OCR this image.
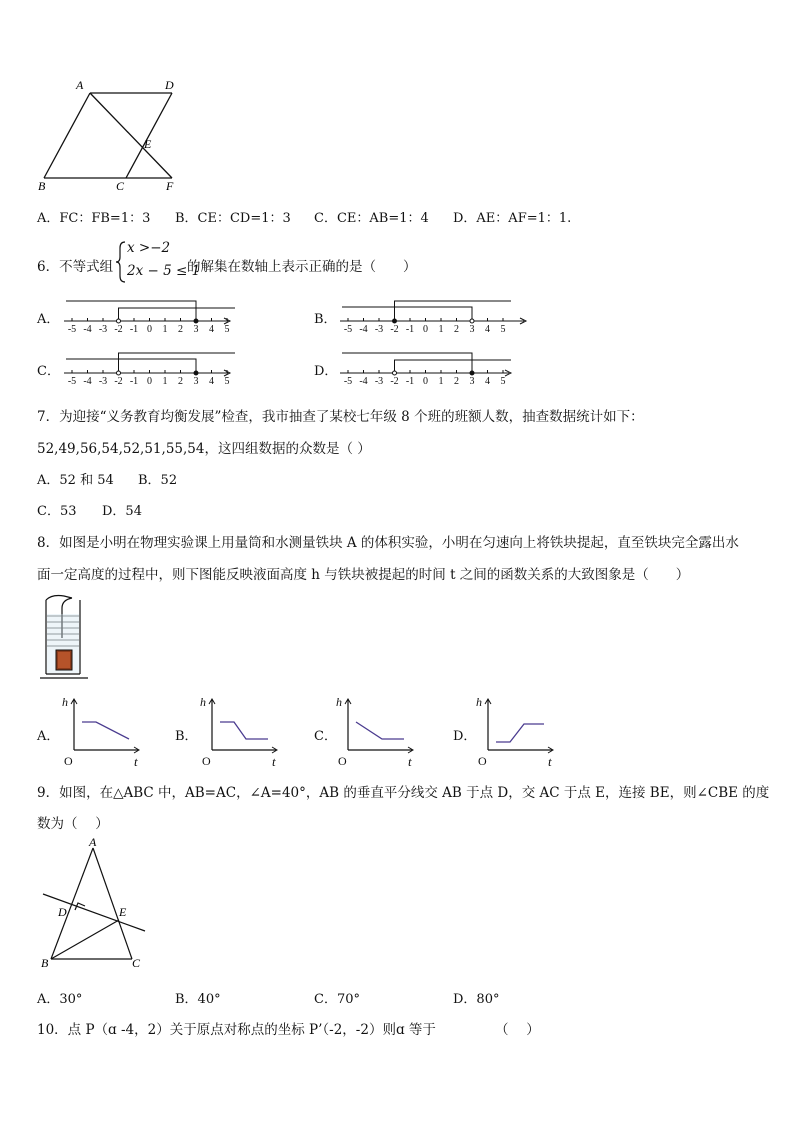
A	D
E
B	C	F
A．FC：FB=1：3 B．CE：CD=1：3 C．CE：AB=1：4 D．AE：AF=1：1.
6．不等式组
x >−2
2x − 5 ≤ 1
的解集在数轴上表示正确的是（　　）
A．
-5 -4 -3 -2 -1 0 1 2 3 4 5
B．
-5 -4 -3 -2 -1 0 1 2 3 4 5
C．
-5 -4 -3 -2 -1 0 1 2 3 4 5
D．
-5 -4 -3 -2 -1 0 1 2 3 4 5
7．为迎接“义务教育均衡发展”检查，我市抽查了某校七年级 8 个班的班额人数，抽查数据统计如下：
52,49,56,54,52,51,55,54，这四组数据的众数是（ ）
A．52 和 54 B．52
C．53 D．54
8．如图是小明在物理实验课上用量筒和水测量铁块 A 的体积实验，小明在匀速向上将铁块提起，直至铁块完全露出水
面一定高度的过程中，则下图能反映液面高度 h 与铁块被提起的时间 t 之间的函数关系的大致图象是（　　）
A．
h
t
O
B．
h
t
O
C．
h
t
O
D．
h
t
O
9．如图，在△ABC 中，AB=AC，∠A=40°，AB 的垂直平分线交 AB 于点 D，交 AC 于点 E，连接 BE，则∠CBE 的度
数为（　 ）
A
D	E
B	C
A．30°	B．40°	C．70°	D．80°
10．点 P（ɑ -4，2）关于原点对称点的坐标 P’（-2，-2）则ɑ 等于	（　 ）
